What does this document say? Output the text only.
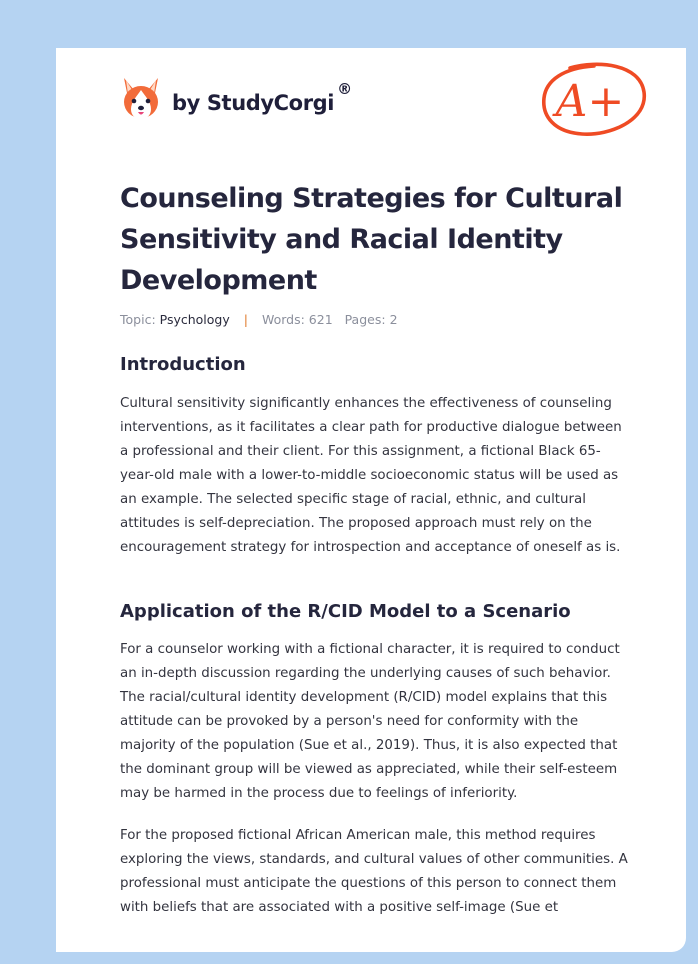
by StudyCorgi
®	A+
Counseling Strategies for Cultural Sensitivity and Racial Identity Development
Topic: Psychology | Words: 621 Pages: 2
Introduction

Cultural sensitivity significantly enhances the effectiveness of counseling interventions, as it facilitates a clear path for productive dialogue between a professional and their client. For this assignment, a fictional Black 65-year-old male with a lower-to-middle socioeconomic status will be used as an example. The selected specific stage of racial, ethnic, and cultural attitudes is self-depreciation. The proposed approach must rely on the encouragement strategy for introspection and acceptance of oneself as is.

Application of the R/CID Model to a Scenario

For a counselor working with a fictional character, it is required to conduct an in-depth discussion regarding the underlying causes of such behavior. The racial/cultural identity development (R/CID) model explains that this attitude can be provoked by a person's need for conformity with the majority of the population (Sue et al., 2019). Thus, it is also expected that the dominant group will be viewed as appreciated, while their self-esteem may be harmed in the process due to feelings of inferiority.

For the proposed fictional African American male, this method requires exploring the views, standards, and cultural values of other communities. A professional must anticipate the questions of this person to connect them with beliefs that are associated with a positive self-image (Sue et
